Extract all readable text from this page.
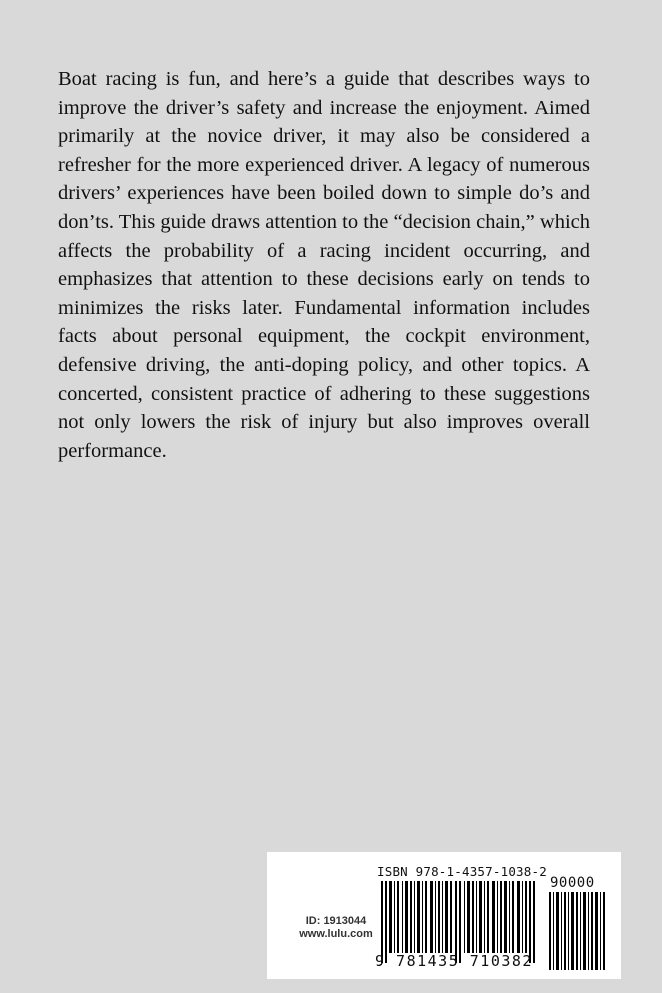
Boat racing is fun, and here’s a guide that describes ways to improve the driver’s safety and increase the enjoyment. Aimed primarily at the novice driver, it may also be considered a refresher for the more experienced driver. A legacy of numerous drivers’ experiences have been boiled down to simple do’s and don’ts. This guide draws attention to the “decision chain,” which affects the probability of a racing incident occurring, and emphasizes that attention to these decisions early on tends to minimizes the risks later. Fundamental information includes facts about personal equipment, the cockpit environment, defensive driving, the anti-doping policy, and other topics. A concerted, consistent practice of adhering to these suggestions not only lowers the risk of injury but also improves overall performance.

ID: 1913044
www.lulu.com
ISBN 978-1-4357-1038-2
9 781435 710382
90000
